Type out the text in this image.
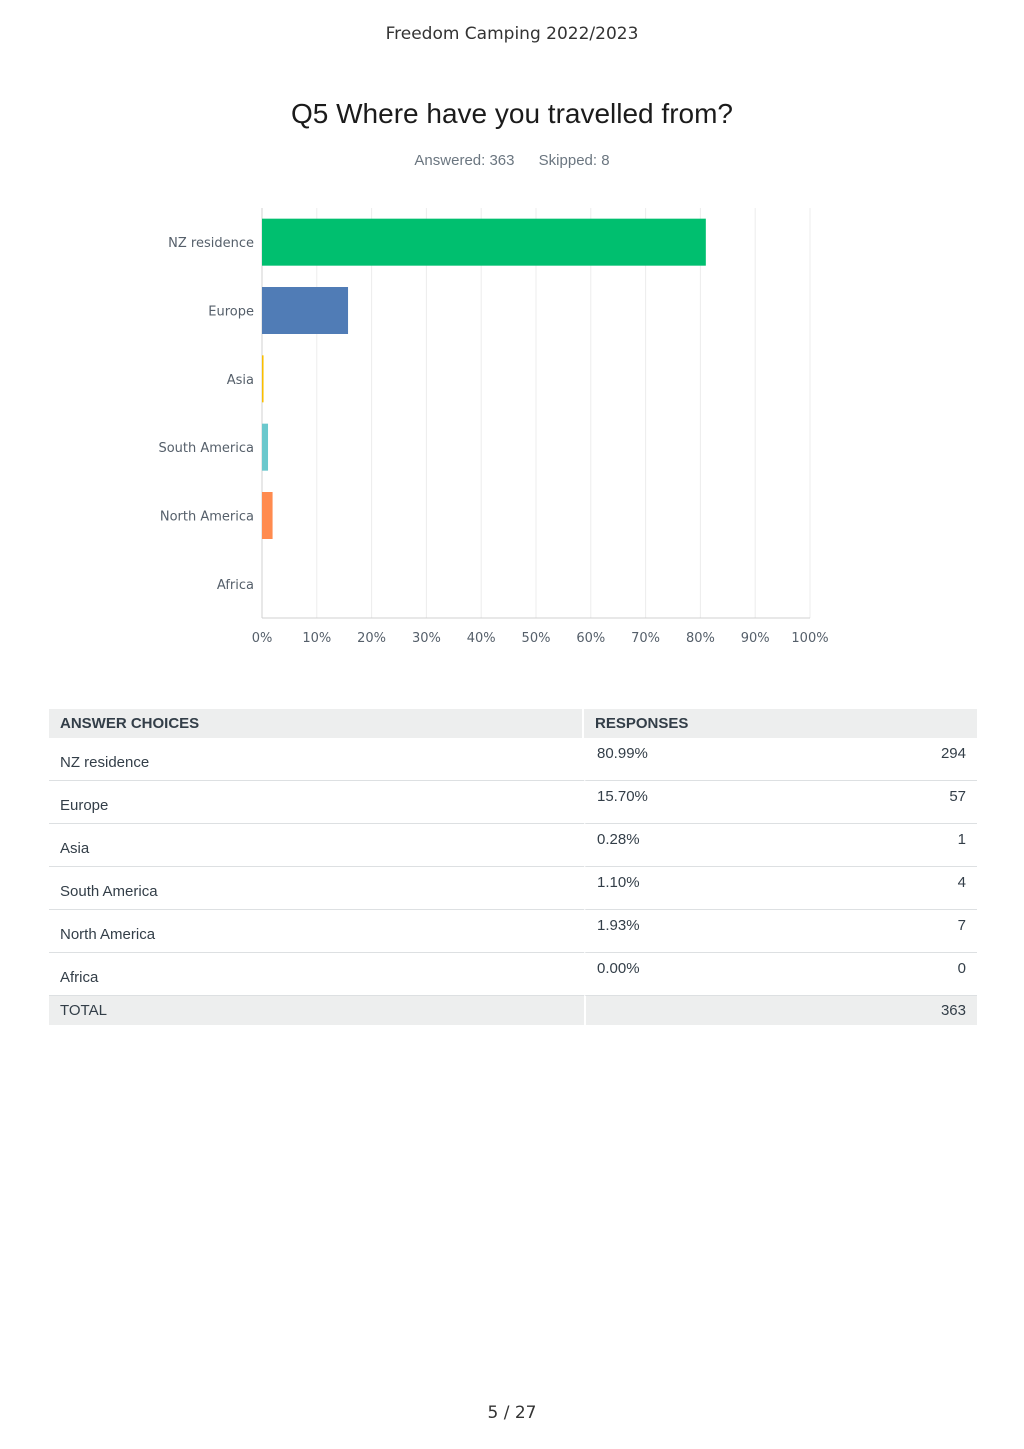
Freedom Camping 2022/2023
Q5 Where have you travelled from?
Answered: 363 Skipped: 8
0% 10% 20% 30% 40% 50% 60% 70% 80% 90% 100%
NZ residence
Europe
Asia
South America
North America
Africa
ANSWER CHOICES	RESPONSES	
NZ residence	80.99%	294
Europe	15.70%	57
Asia	0.28%	1
South America	1.10%	4
North America	1.93%	7
Africa	0.00%	0
TOTAL		363
5 / 27
